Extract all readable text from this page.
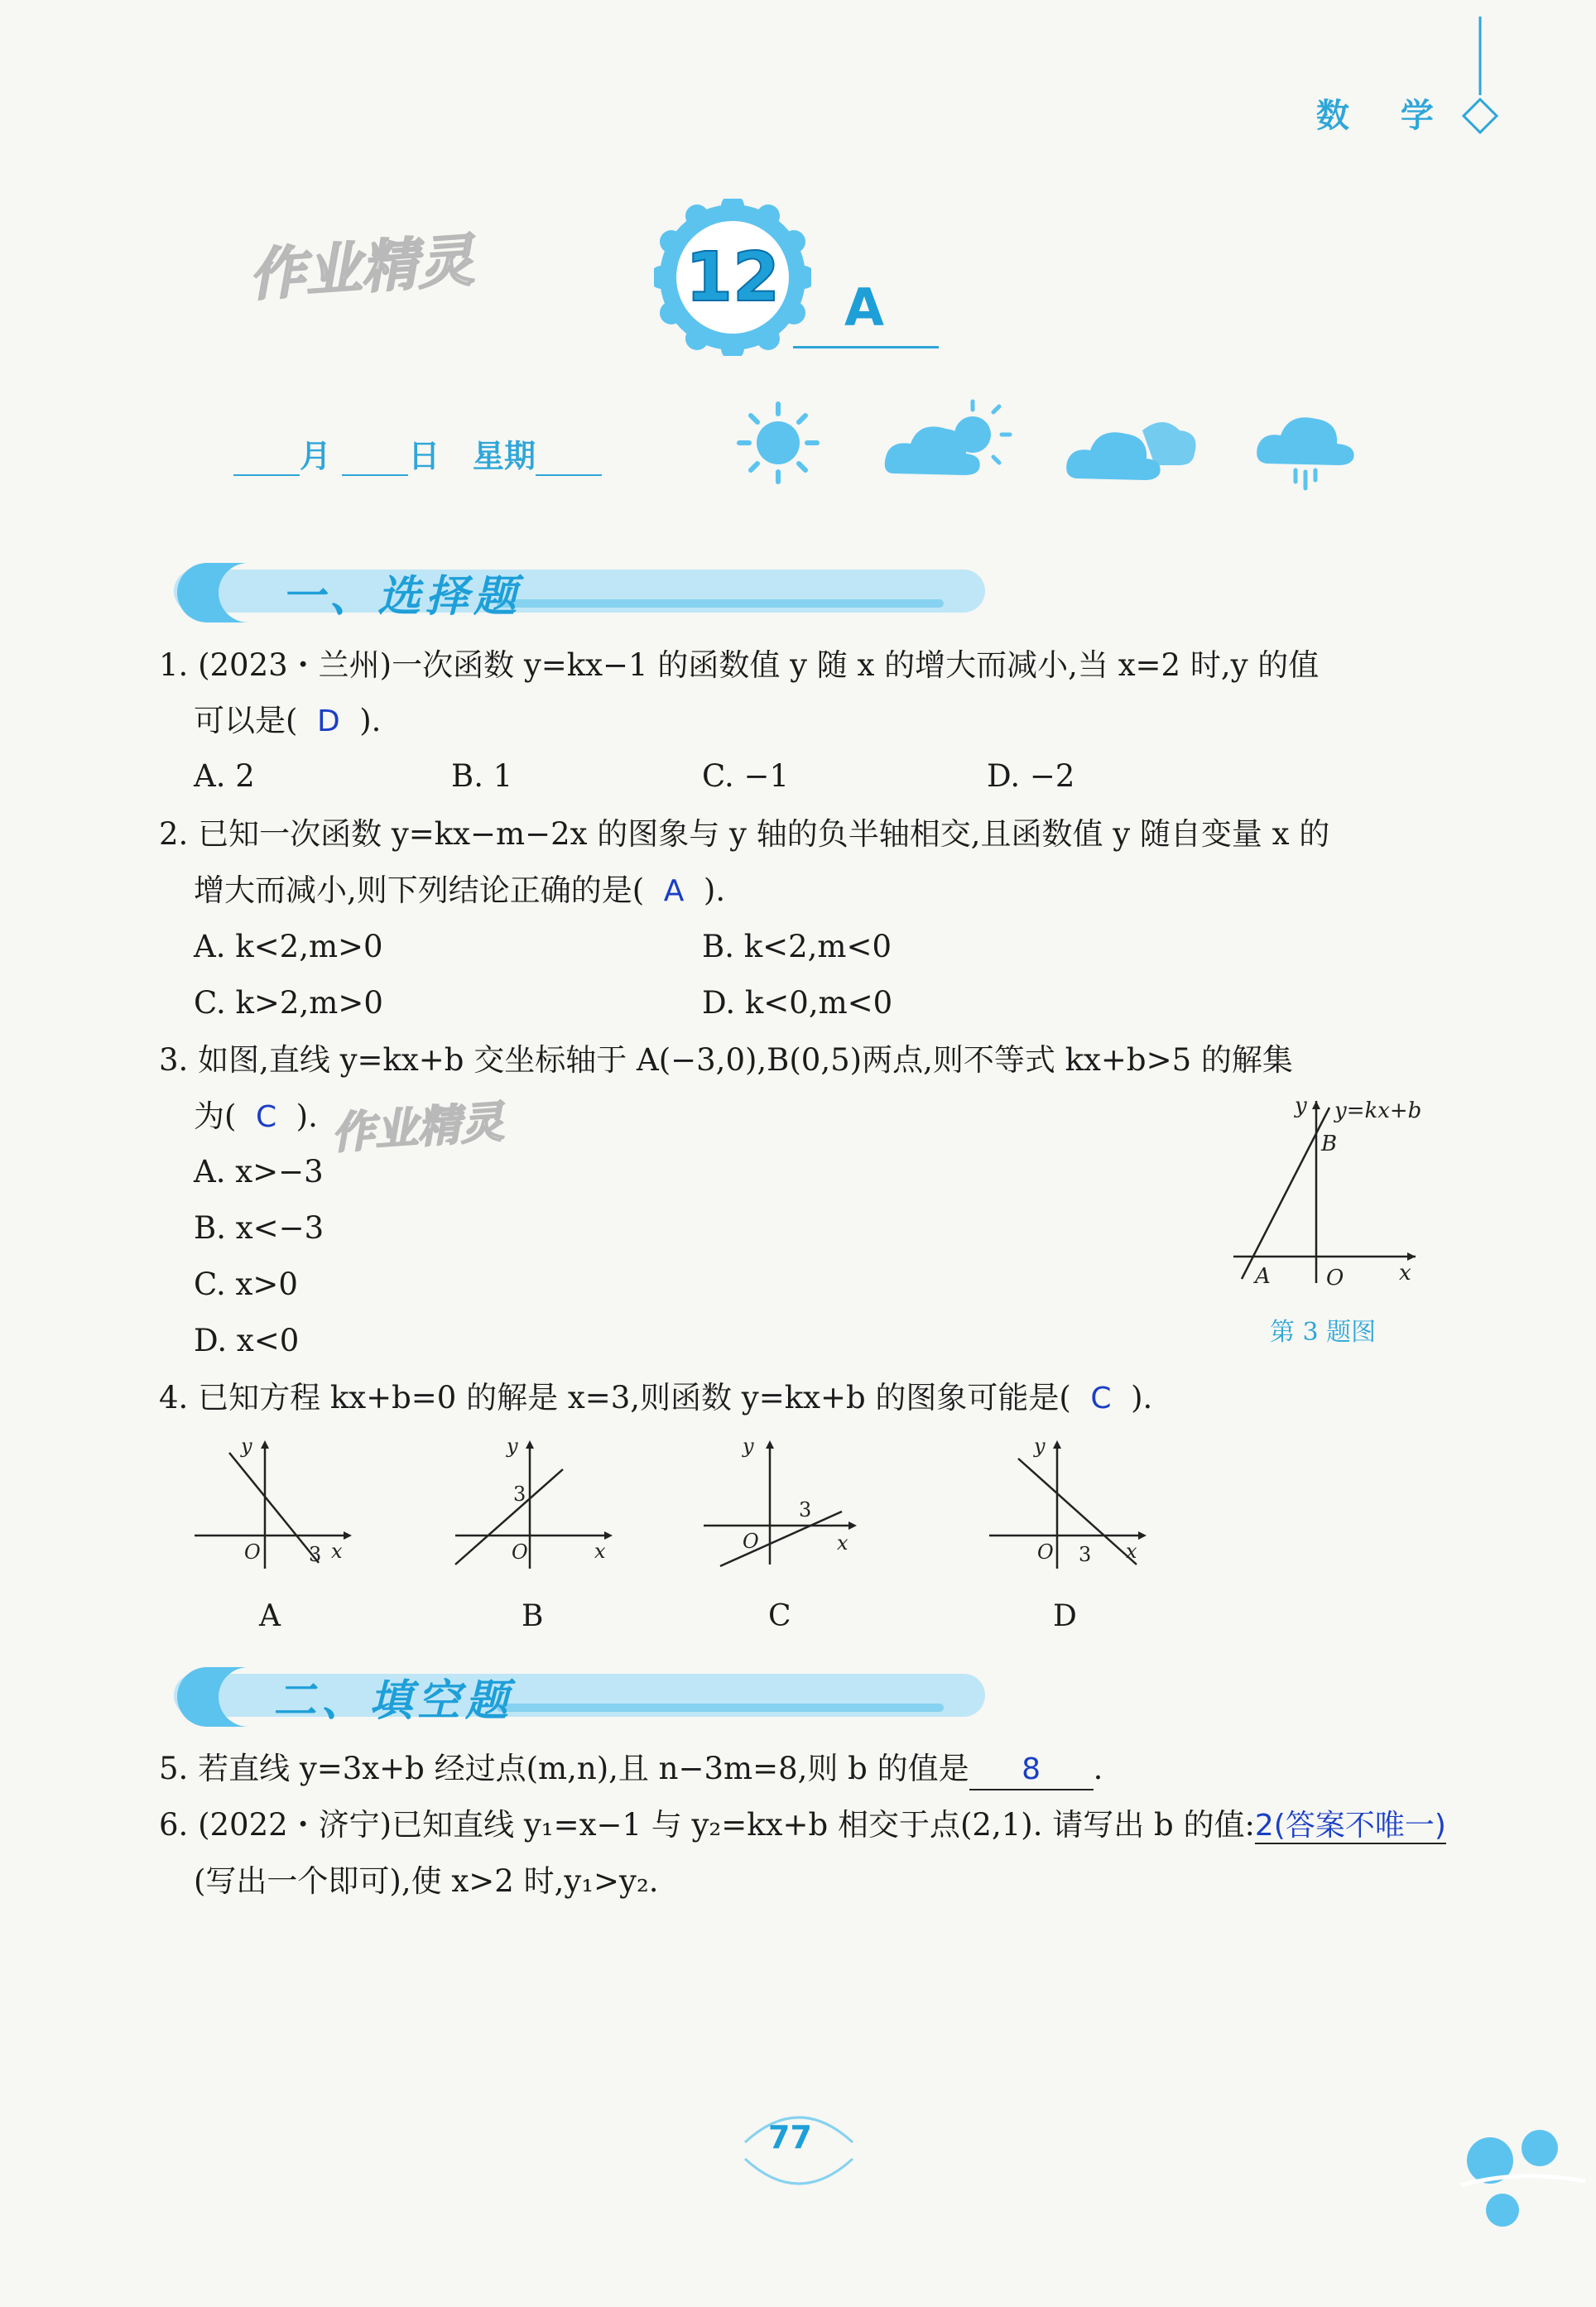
数 学
作业精灵
作业精灵
12 A
月 日 星期
一、选择题
1. (2023・兰州)一次函数 y=kx−1 的函数值 y 随 x 的增大而减小,当 x=2 时,y 的值
可以是( D ).
A. 2	B. 1	C. −1	D. −2
2. 已知一次函数 y=kx−m−2x 的图象与 y 轴的负半轴相交,且函数值 y 随自变量 x 的
增大而减小,则下列结论正确的是( A ).
A. k<2,m>0	B. k<2,m<0
C. k>2,m>0	D. k<0,m<0
3. 如图,直线 y=kx+b 交坐标轴于 A(−3,0),B(0,5)两点,则不等式 kx+b>5 的解集
为( C ).
A. x>−3
B. x<−3
C. x>0
D. x<0
y y=kx+b
B
A	O	x
第 3 题图
4. 已知方程 kx+b=0 的解是 x=3,则函数 y=kx+b 的图象可能是( C ).
y
O 3 x
A
y
3
O	x
B
y
3
O	x
C
y
O 3 x
D
二、填空题
5. 若直线 y=3x+b 经过点(m,n),且 n−3m=8,则 b 的值是 8 .
6. (2022・济宁)已知直线 y₁=x−1 与 y₂=kx+b 相交于点(2,1). 请写出 b 的值:2(答案不唯一)
(写出一个即可),使 x>2 时,y₁>y₂.
77
